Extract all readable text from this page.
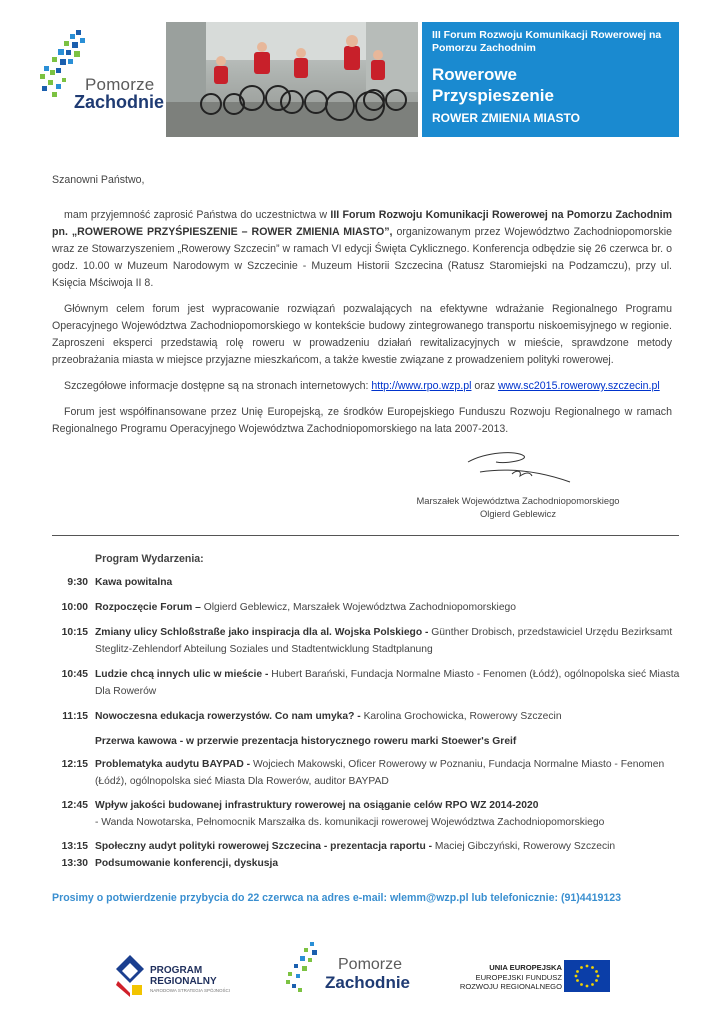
Pomorze
Zachodnie
III Forum Rozwoju Komunikacji Rowerowej na Pomorzu Zachodnim
Rowerowe
Przyspieszenie
ROWER ZMIENIA MIASTO

Szanowni Państwo,

mam przyjemność zaprosić Państwa do uczestnictwa w III Forum Rozwoju Komunikacji Rowerowej na Pomorzu Zachodnim pn. „ROWEROWE PRZYŚPIESZENIE – ROWER ZMIENIA MIASTO”, organizowanym przez Województwo Zachodniopomorskie wraz ze Stowarzyszeniem „Rowerowy Szczecin” w ramach VI edycji Święta Cyklicznego. Konferencja odbędzie się 26 czerwca br. o godz. 10.00 w Muzeum Narodowym w Szczecinie - Muzeum Historii Szczecina (Ratusz Staromiejski na Podzamczu), przy ul. Księcia Mściwoja II 8.

Głównym celem forum jest wypracowanie rozwiązań pozwalających na efektywne wdrażanie Regionalnego Programu Operacyjnego Województwa Zachodniopomorskiego w kontekście budowy zintegrowanego transportu niskoemisyjnego w regionie. Zaproszeni eksperci przedstawią rolę roweru w prowadzeniu działań rewitalizacyjnych w mieście, sprawdzone metody przeobrażania miasta w miejsce przyjazne mieszkańcom, a także kwestie związane z prowadzeniem polityki rowerowej.

Szczegółowe informacje dostępne są na stronach internetowych: http://www.rpo.wzp.pl oraz www.sc2015.rowerowy.szczecin.pl

Forum jest współfinansowane przez Unię Europejską, ze środków Europejskiego Funduszu Rozwoju Regionalnego w ramach Regionalnego Programu Operacyjnego Województwa Zachodniopomorskiego na lata 2007-2013.

Marszałek Województwa Zachodniopomorskiego
Olgierd Geblewicz
Program Wydarzenia:
9:30 Kawa powitalna
10:00 Rozpoczęcie Forum – Olgierd Geblewicz, Marszałek Województwa Zachodniopomorskiego
10:15 Zmiany ulicy Schloßstraße jako inspiracja dla al. Wojska Polskiego - Günther Drobisch, przedstawiciel Urzędu Bezirksamt Steglitz-Zehlendorf Abteilung Soziales und Stadtentwicklung Stadtplanung
10:45 Ludzie chcą innych ulic w mieście - Hubert Barański, Fundacja Normalne Miasto - Fenomen (Łódź), ogólnopolska sieć Miasta Dla Rowerów
11:15 Nowoczesna edukacja rowerzystów. Co nam umyka? - Karolina Grochowicka, Rowerowy Szczecin
Przerwa kawowa - w przerwie prezentacja historycznego roweru marki Stoewer's Greif
12:15 Problematyka audytu BAYPAD - Wojciech Makowski, Oficer Rowerowy w Poznaniu, Fundacja Normalne Miasto - Fenomen (Łódź), ogólnopolska sieć Miasta Dla Rowerów, auditor BAYPAD
12:45 Wpływ jakości budowanej infrastruktury rowerowej na osiąganie celów RPO WZ 2014-2020
- Wanda Nowotarska, Pełnomocnik Marszałka ds. komunikacji rowerowej Województwa Zachodniopomorskiego
13:15 Społeczny audyt polityki rowerowej Szczecina - prezentacja raportu - Maciej Gibczyński, Rowerowy Szczecin
13:30 Podsumowanie konferencji, dyskusja
Prosimy o potwierdzenie przybycia do 22 czerwca na adres e-mail: wlemm@wzp.pl lub telefonicznie: (91)4419123
PROGRAM
REGIONALNY
NARODOWA STRATEGIA SPÓJNOŚCI
Pomorze
Zachodnie
UNIA EUROPEJSKA
EUROPEJSKI FUNDUSZ
ROZWOJU REGIONALNEGO
